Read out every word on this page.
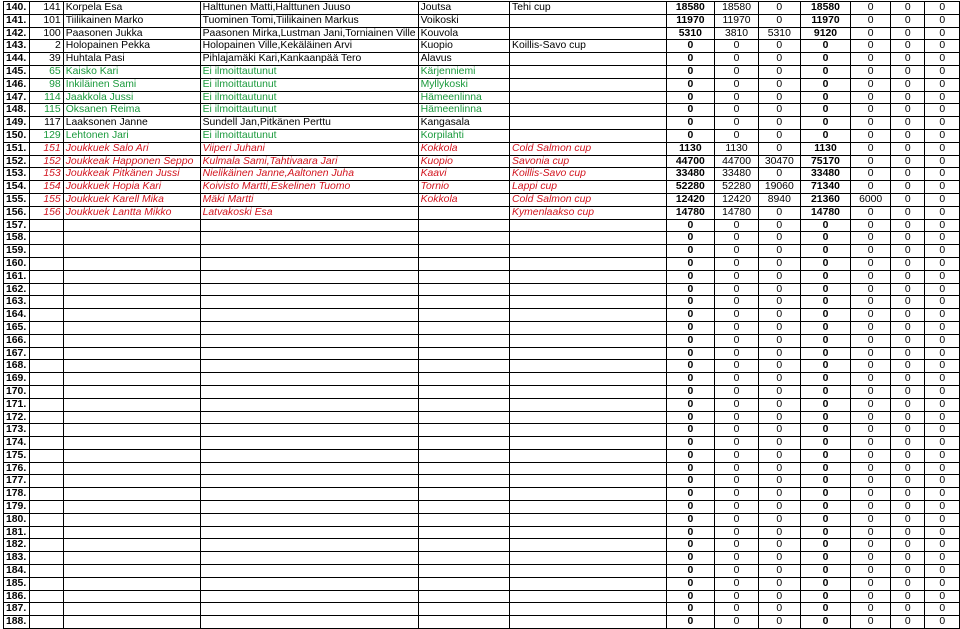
140.	141	Korpela Esa	Halttunen Matti,Halttunen Juuso	Joutsa	Tehi cup	18580	18580	0	18580	0	0	0
141.	101	Tiilikainen Marko	Tuominen Tomi,Tiilikainen Markus	Voikoski		11970	11970	0	11970	0	0	0
142.	100	Paasonen Jukka	Paasonen Mirka,Lustman Jani,Torniainen Ville	Kouvola		5310	3810	5310	9120	0	0	0
143.	2	Holopainen Pekka	Holopainen Ville,Kekäläinen Arvi	Kuopio	Koillis-Savo cup	0	0	0	0	0	0	0
144.	39	Huhtala Pasi	Pihlajamäki Kari,Kankaanpää Tero	Alavus		0	0	0	0	0	0	0
145.	65	Kaisko Kari	Ei ilmoittautunut	Kärjenniemi		0	0	0	0	0	0	0
146.	98	Inkiläinen Sami	Ei ilmoittautunut	Myllykoski		0	0	0	0	0	0	0
147.	114	Jaakkola Jussi	Ei ilmoittautunut	Hämeenlinna		0	0	0	0	0	0	0
148.	115	Oksanen Reima	Ei ilmoittautunut	Hämeenlinna		0	0	0	0	0	0	0
149.	117	Laaksonen Janne	Sundell Jan,Pitkänen Perttu	Kangasala		0	0	0	0	0	0	0
150.	129	Lehtonen Jari	Ei ilmoittautunut	Korpilahti		0	0	0	0	0	0	0
151.	151	Joukkuek Salo Ari	Viiperi Juhani	Kokkola	Cold Salmon cup	1130	1130	0	1130	0	0	0
152.	152	Joukkeak Happonen Seppo	Kulmala Sami,Tahtivaara Jari	Kuopio	Savonia cup	44700	44700	30470	75170	0	0	0
153.	153	Joukkeak Pitkänen Jussi	Nielikäinen Janne,Aaltonen Juha	Kaavi	Koillis-Savo cup	33480	33480	0	33480	0	0	0
154.	154	Joukkuek Hopia Kari	Koivisto Martti,Eskelinen Tuomo	Tornio	Lappi cup	52280	52280	19060	71340	0	0	0
155.	155	Joukkuek Karell Mika	Mäki Martti	Kokkola	Cold Salmon cup	12420	12420	8940	21360	6000	0	0
156.	156	Joukkuek Lantta Mikko	Latvakoski Esa		Kymenlaakso cup	14780	14780	0	14780	0	0	0
157.						0	0	0	0	0	0	0
158.						0	0	0	0	0	0	0
159.						0	0	0	0	0	0	0
160.						0	0	0	0	0	0	0
161.						0	0	0	0	0	0	0
162.						0	0	0	0	0	0	0
163.						0	0	0	0	0	0	0
164.						0	0	0	0	0	0	0
165.						0	0	0	0	0	0	0
166.						0	0	0	0	0	0	0
167.						0	0	0	0	0	0	0
168.						0	0	0	0	0	0	0
169.						0	0	0	0	0	0	0
170.						0	0	0	0	0	0	0
171.						0	0	0	0	0	0	0
172.						0	0	0	0	0	0	0
173.						0	0	0	0	0	0	0
174.						0	0	0	0	0	0	0
175.						0	0	0	0	0	0	0
176.						0	0	0	0	0	0	0
177.						0	0	0	0	0	0	0
178.						0	0	0	0	0	0	0
179.						0	0	0	0	0	0	0
180.						0	0	0	0	0	0	0
181.						0	0	0	0	0	0	0
182.						0	0	0	0	0	0	0
183.						0	0	0	0	0	0	0
184.						0	0	0	0	0	0	0
185.						0	0	0	0	0	0	0
186.						0	0	0	0	0	0	0
187.						0	0	0	0	0	0	0
188.						0	0	0	0	0	0	0
